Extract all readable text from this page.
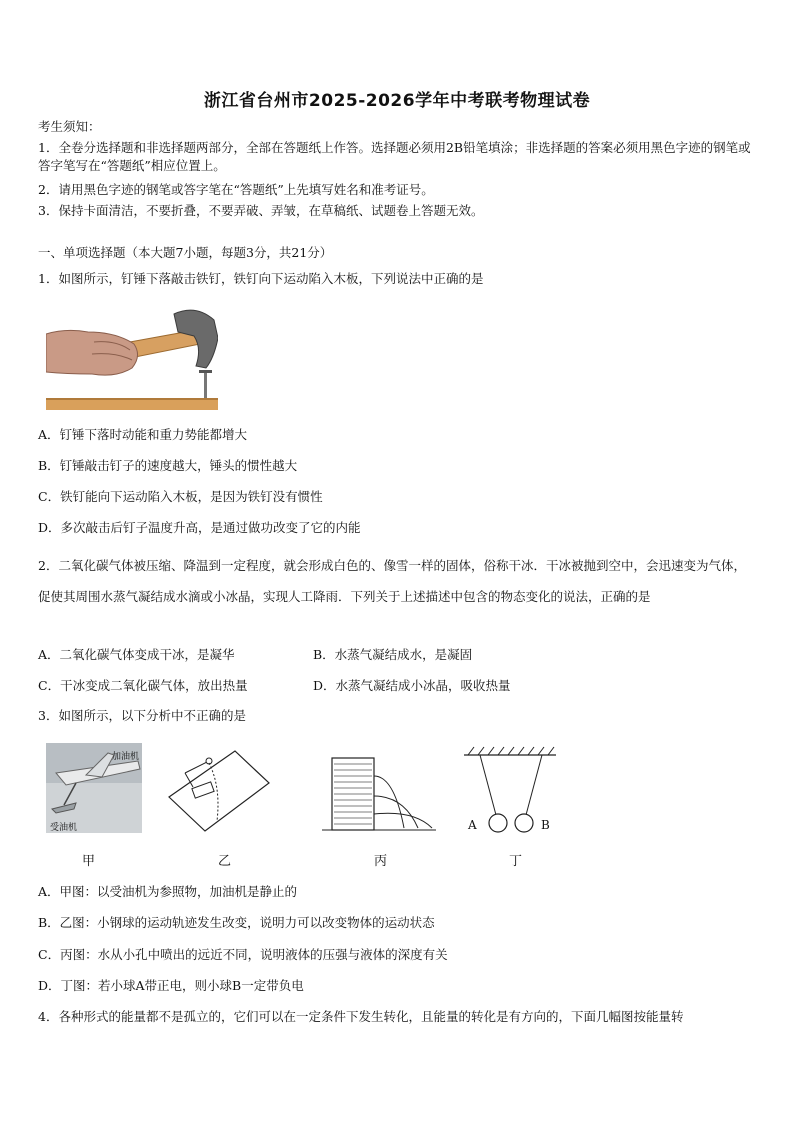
浙江省台州市2025-2026学年中考联考物理试卷
考生须知：
1．全卷分选择题和非选择题两部分，全部在答题纸上作答。选择题必须用2B铅笔填涂；非选择题的答案必须用黑色字迹的钢笔或答字笔写在“答题纸”相应位置上。
2．请用黑色字迹的钢笔或答字笔在“答题纸”上先填写姓名和准考证号。
3．保持卡面清洁，不要折叠，不要弄破、弄皱，在草稿纸、试题卷上答题无效。
一、单项选择题（本大题7小题，每题3分，共21分）
1．如图所示，钉锤下落敲击铁钉，铁钉向下运动陷入木板，下列说法中正确的是
A．钉锤下落时动能和重力势能都增大
B．钉锤敲击钉子的速度越大，锤头的惯性越大
C．铁钉能向下运动陷入木板，是因为铁钉没有惯性
D．多次敲击后钉子温度升高，是通过做功改变了它的内能
2．二氧化碳气体被压缩、降温到一定程度，就会形成白色的、像雪一样的固体，俗称干冰．干冰被抛到空中，会迅速变为气体，促使其周围水蒸气凝结成水滴或小冰晶，实现人工降雨．下列关于上述描述中包含的物态变化的说法，正确的是
A．二氧化碳气体变成干冰，是凝华	B．水蒸气凝结成水，是凝固
C．干冰变成二氧化碳气体，放出热量	D．水蒸气凝结成小冰晶，吸收热量
3．如图所示，以下分析中不正确的是
加油机
受油机	A	B
甲	乙	丙	丁
A．甲图：以受油机为参照物，加油机是静止的
B．乙图：小钢球的运动轨迹发生改变，说明力可以改变物体的运动状态
C．丙图：水从小孔中喷出的远近不同，说明液体的压强与液体的深度有关
D．丁图：若小球A带正电，则小球B一定带负电
4．各种形式的能量都不是孤立的，它们可以在一定条件下发生转化，且能量的转化是有方向的，下面几幅图按能量转
